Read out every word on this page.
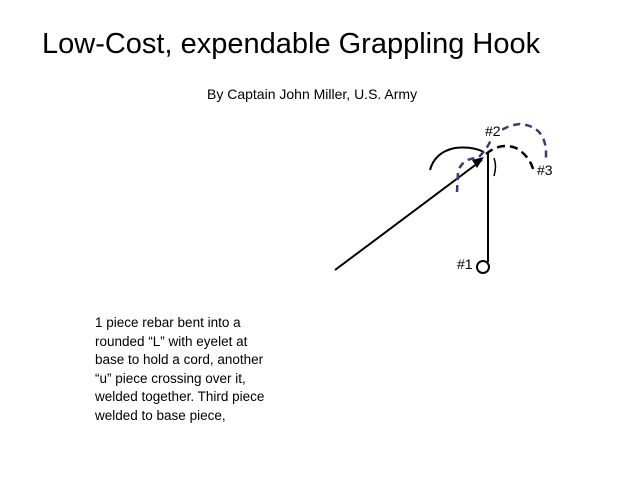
Low-Cost, expendable Grappling Hook
By Captain John Miller, U.S. Army
#1
#2
#3
1 piece rebar bent into a
rounded “L” with eyelet at
base to hold a cord, another
“u” piece crossing over it,
welded together. Third piece
welded to base piece,
